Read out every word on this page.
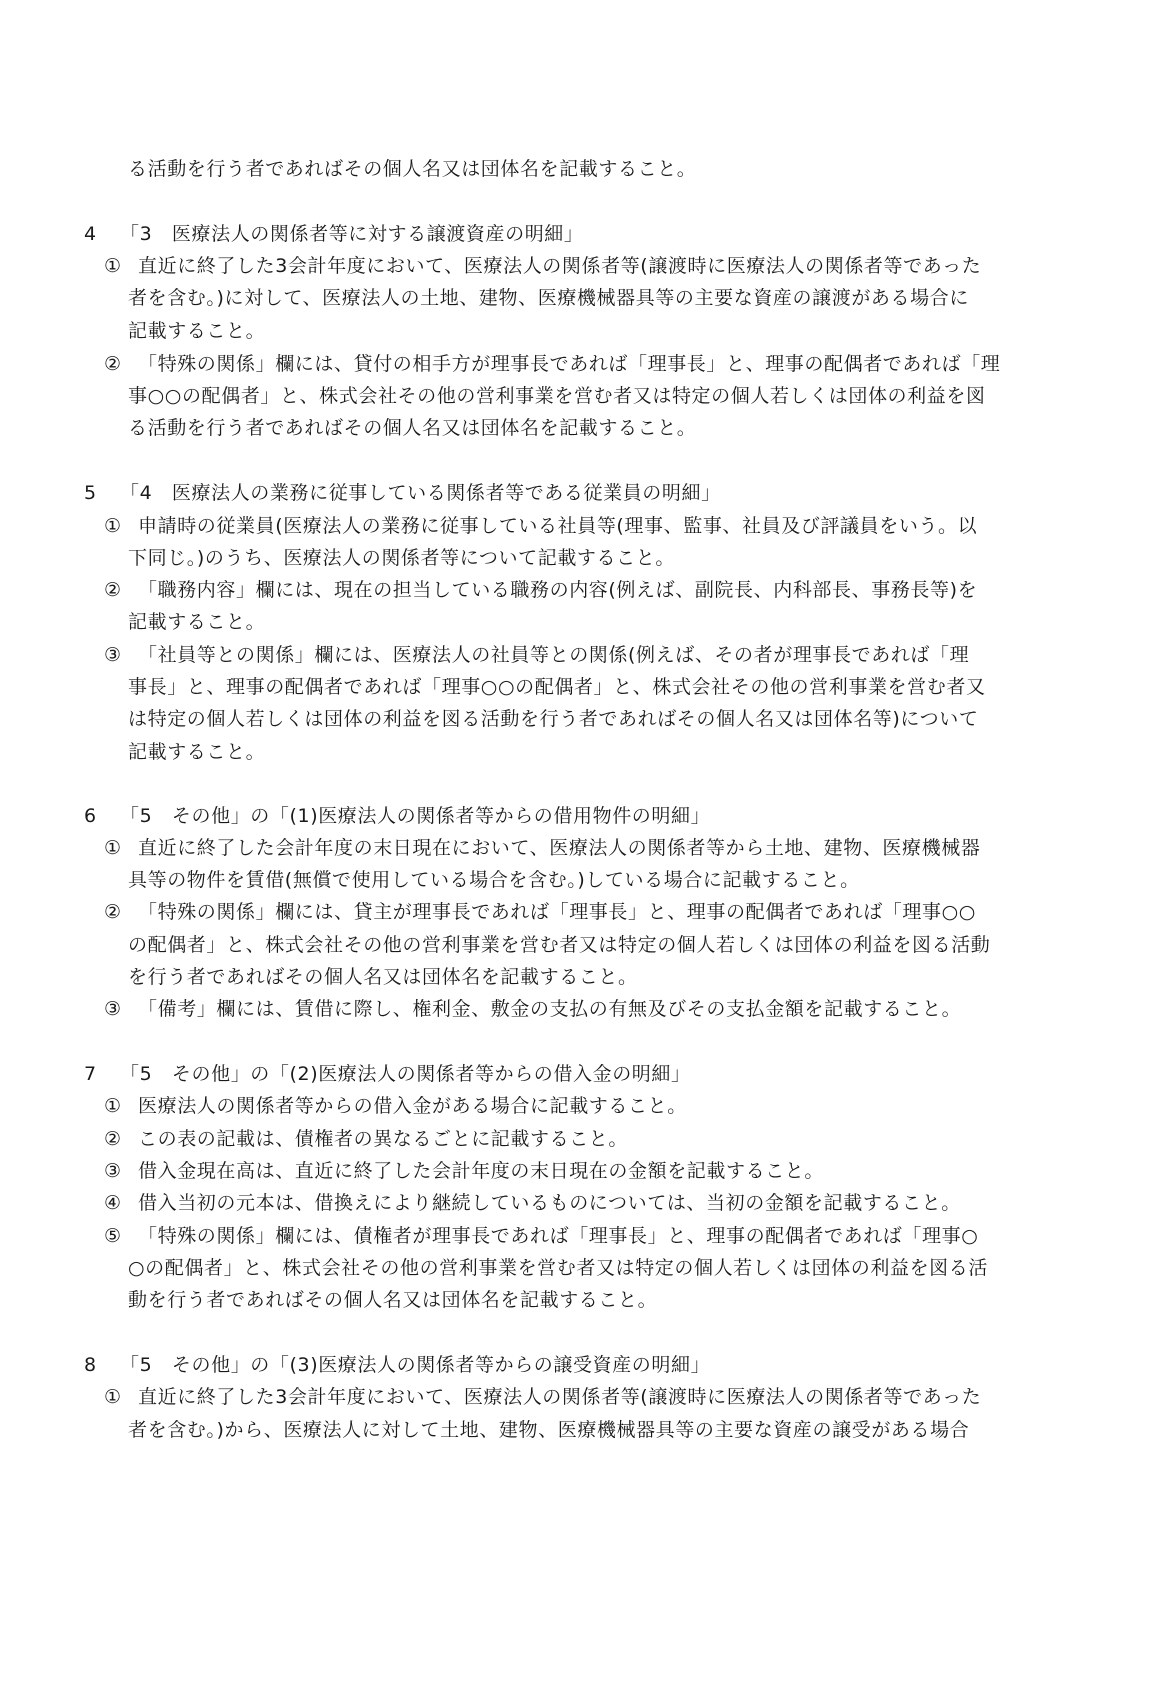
る活動を行う者であればその個人名又は団体名を記載すること。
4 「3　医療法人の関係者等に対する譲渡資産の明細」
① 直近に終了した3会計年度において、医療法人の関係者等(譲渡時に医療法人の関係者等であった
者を含む。)に対して、医療法人の土地、建物、医療機械器具等の主要な資産の譲渡がある場合に
記載すること。
② 「特殊の関係」欄には、貸付の相手方が理事長であれば「理事長」と、理事の配偶者であれば「理
事○○の配偶者」と、株式会社その他の営利事業を営む者又は特定の個人若しくは団体の利益を図
る活動を行う者であればその個人名又は団体名を記載すること。
5 「4　医療法人の業務に従事している関係者等である従業員の明細」
① 申請時の従業員(医療法人の業務に従事している社員等(理事、監事、社員及び評議員をいう。以
下同じ。)のうち、医療法人の関係者等について記載すること。
② 「職務内容」欄には、現在の担当している職務の内容(例えば、副院長、内科部長、事務長等)を
記載すること。
③ 「社員等との関係」欄には、医療法人の社員等との関係(例えば、その者が理事長であれば「理
事長」と、理事の配偶者であれば「理事○○の配偶者」と、株式会社その他の営利事業を営む者又
は特定の個人若しくは団体の利益を図る活動を行う者であればその個人名又は団体名等)について
記載すること。
6 「5　その他」の「(1)医療法人の関係者等からの借用物件の明細」
① 直近に終了した会計年度の末日現在において、医療法人の関係者等から土地、建物、医療機械器
具等の物件を賃借(無償で使用している場合を含む。)している場合に記載すること。
② 「特殊の関係」欄には、貸主が理事長であれば「理事長」と、理事の配偶者であれば「理事○○
の配偶者」と、株式会社その他の営利事業を営む者又は特定の個人若しくは団体の利益を図る活動
を行う者であればその個人名又は団体名を記載すること。
③ 「備考」欄には、賃借に際し、権利金、敷金の支払の有無及びその支払金額を記載すること。
7 「5　その他」の「(2)医療法人の関係者等からの借入金の明細」
① 医療法人の関係者等からの借入金がある場合に記載すること。
② この表の記載は、債権者の異なるごとに記載すること。
③ 借入金現在高は、直近に終了した会計年度の末日現在の金額を記載すること。
④ 借入当初の元本は、借換えにより継続しているものについては、当初の金額を記載すること。
⑤ 「特殊の関係」欄には、債権者が理事長であれば「理事長」と、理事の配偶者であれば「理事○
○の配偶者」と、株式会社その他の営利事業を営む者又は特定の個人若しくは団体の利益を図る活
動を行う者であればその個人名又は団体名を記載すること。
8 「5　その他」の「(3)医療法人の関係者等からの譲受資産の明細」
① 直近に終了した3会計年度において、医療法人の関係者等(譲渡時に医療法人の関係者等であった
者を含む。)から、医療法人に対して土地、建物、医療機械器具等の主要な資産の譲受がある場合
